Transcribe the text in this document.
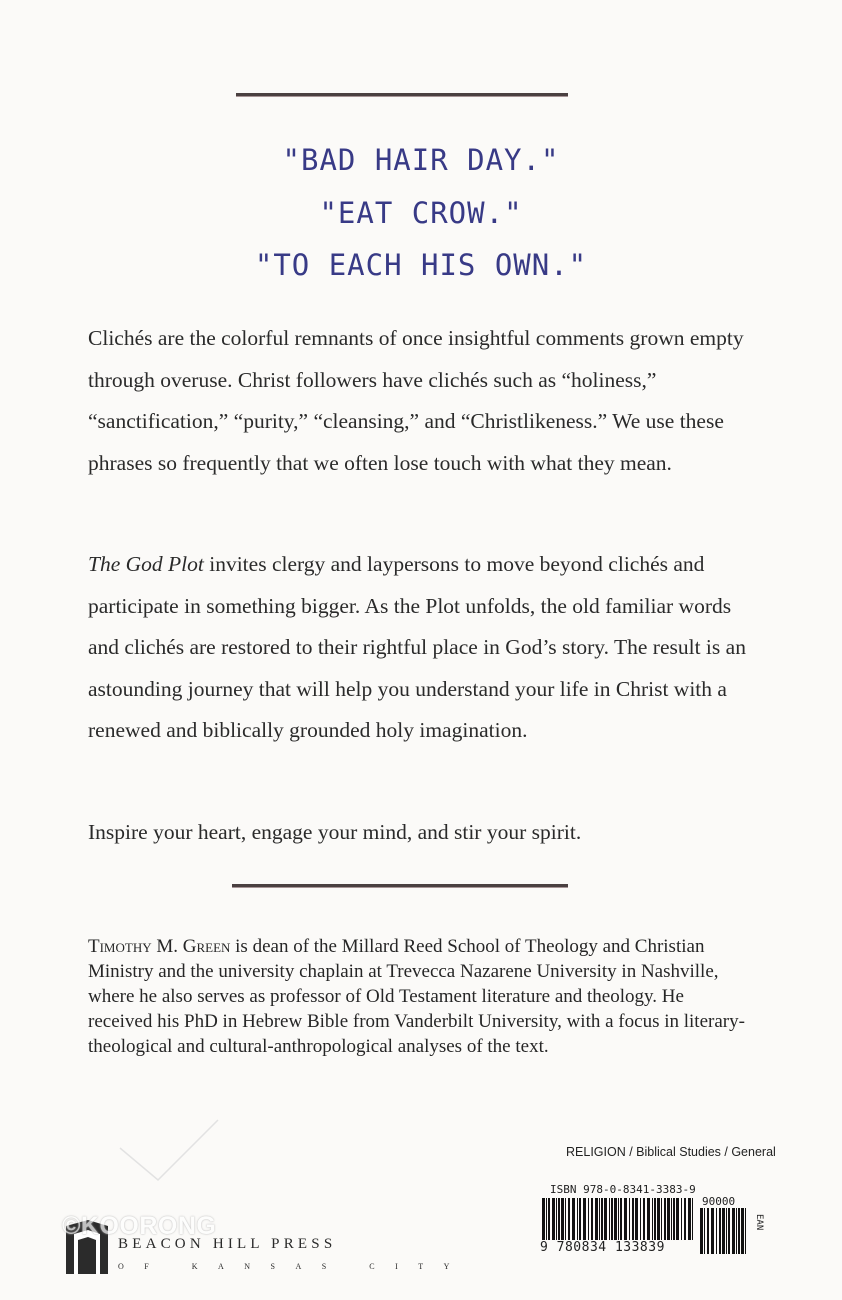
"BAD HAIR DAY."
"EAT CROW."
"TO EACH HIS OWN."

Clichés are the colorful remnants of once insightful comments grown empty through overuse. Christ followers have clichés such as “holiness,” “sanctification,” “purity,” “cleansing,” and “Christlikeness.” We use these phrases so frequently that we often lose touch with what they mean.

The God Plot invites clergy and laypersons to move beyond clichés and participate in something bigger. As the Plot unfolds, the old familiar words and clichés are restored to their rightful place in God’s story. The result is an astounding journey that will help you understand your life in Christ with a renewed and biblically grounded holy imagination.

Inspire your heart, engage your mind, and stir your spirit.

Timothy M. Green is dean of the Millard Reed School of Theology and Christian Ministry and the university chaplain at Trevecca Nazarene University in Nashville, where he also serves as professor of Old Testament literature and theology. He received his PhD in Hebrew Bible from Vanderbilt University, with a focus in literary-theological and cultural-anthropological analyses of the text.

RELIGION / Biblical Studies / General
ISBN 978-0-8341-3383-9
9 780834 133839
90000
EAN
©KOORONG
BEACON HILL PRESS
OF KANSAS CITY
